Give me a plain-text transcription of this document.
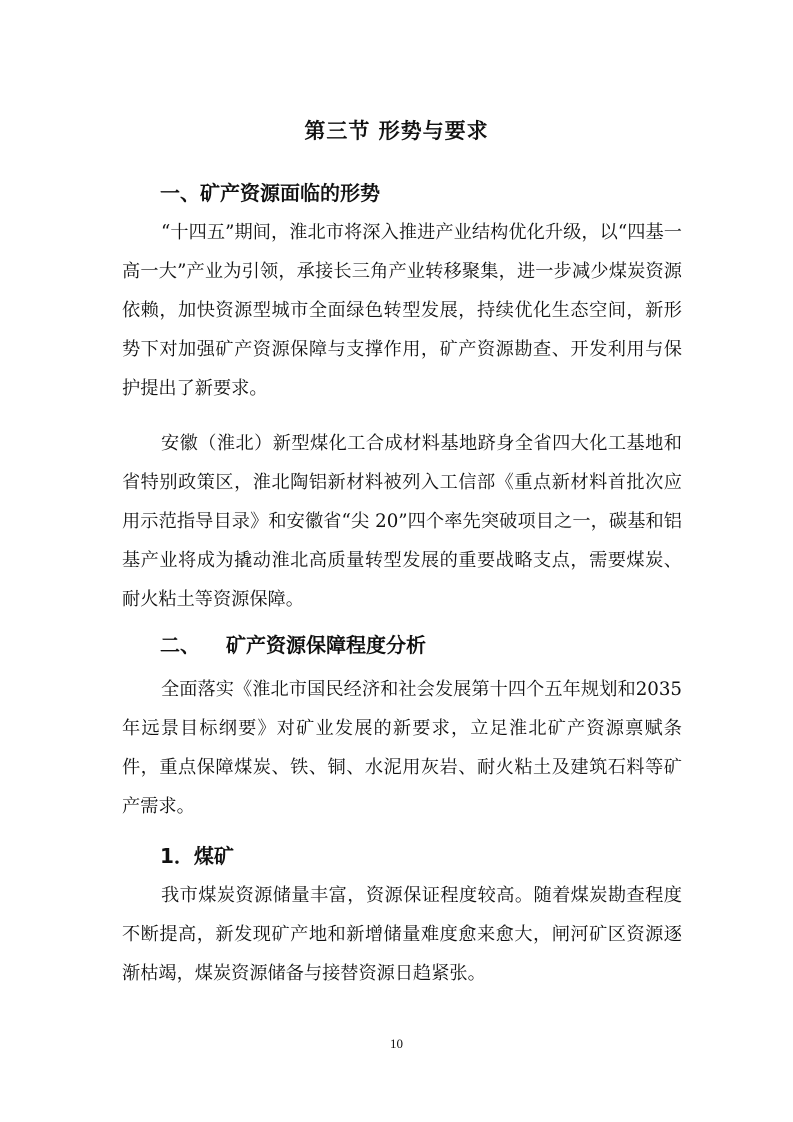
第三节 形势与要求
一、矿产资源面临的形势

“十四五”期间，淮北市将深入推进产业结构优化升级，以“四基一高一大”产业为引领，承接长三角产业转移聚集，进一步减少煤炭资源依赖，加快资源型城市全面绿色转型发展，持续优化生态空间，新形势下对加强矿产资源保障与支撑作用，矿产资源勘查、开发利用与保护提出了新要求。

安徽（淮北）新型煤化工合成材料基地跻身全省四大化工基地和省特别政策区，淮北陶铝新材料被列入工信部《重点新材料首批次应用示范指导目录》和安徽省“尖 20”四个率先突破项目之一，碳基和铝基产业将成为撬动淮北高质量转型发展的重要战略支点，需要煤炭、耐火粘土等资源保障。

二、 矿产资源保障程度分析

全面落实《淮北市国民经济和社会发展第十四个五年规划和2035年远景目标纲要》对矿业发展的新要求，立足淮北矿产资源禀赋条件，重点保障煤炭、铁、铜、水泥用灰岩、耐火粘土及建筑石料等矿产需求。

1．煤矿

我市煤炭资源储量丰富，资源保证程度较高。随着煤炭勘查程度不断提高，新发现矿产地和新增储量难度愈来愈大，闸河矿区资源逐渐枯竭，煤炭资源储备与接替资源日趋紧张。

10
